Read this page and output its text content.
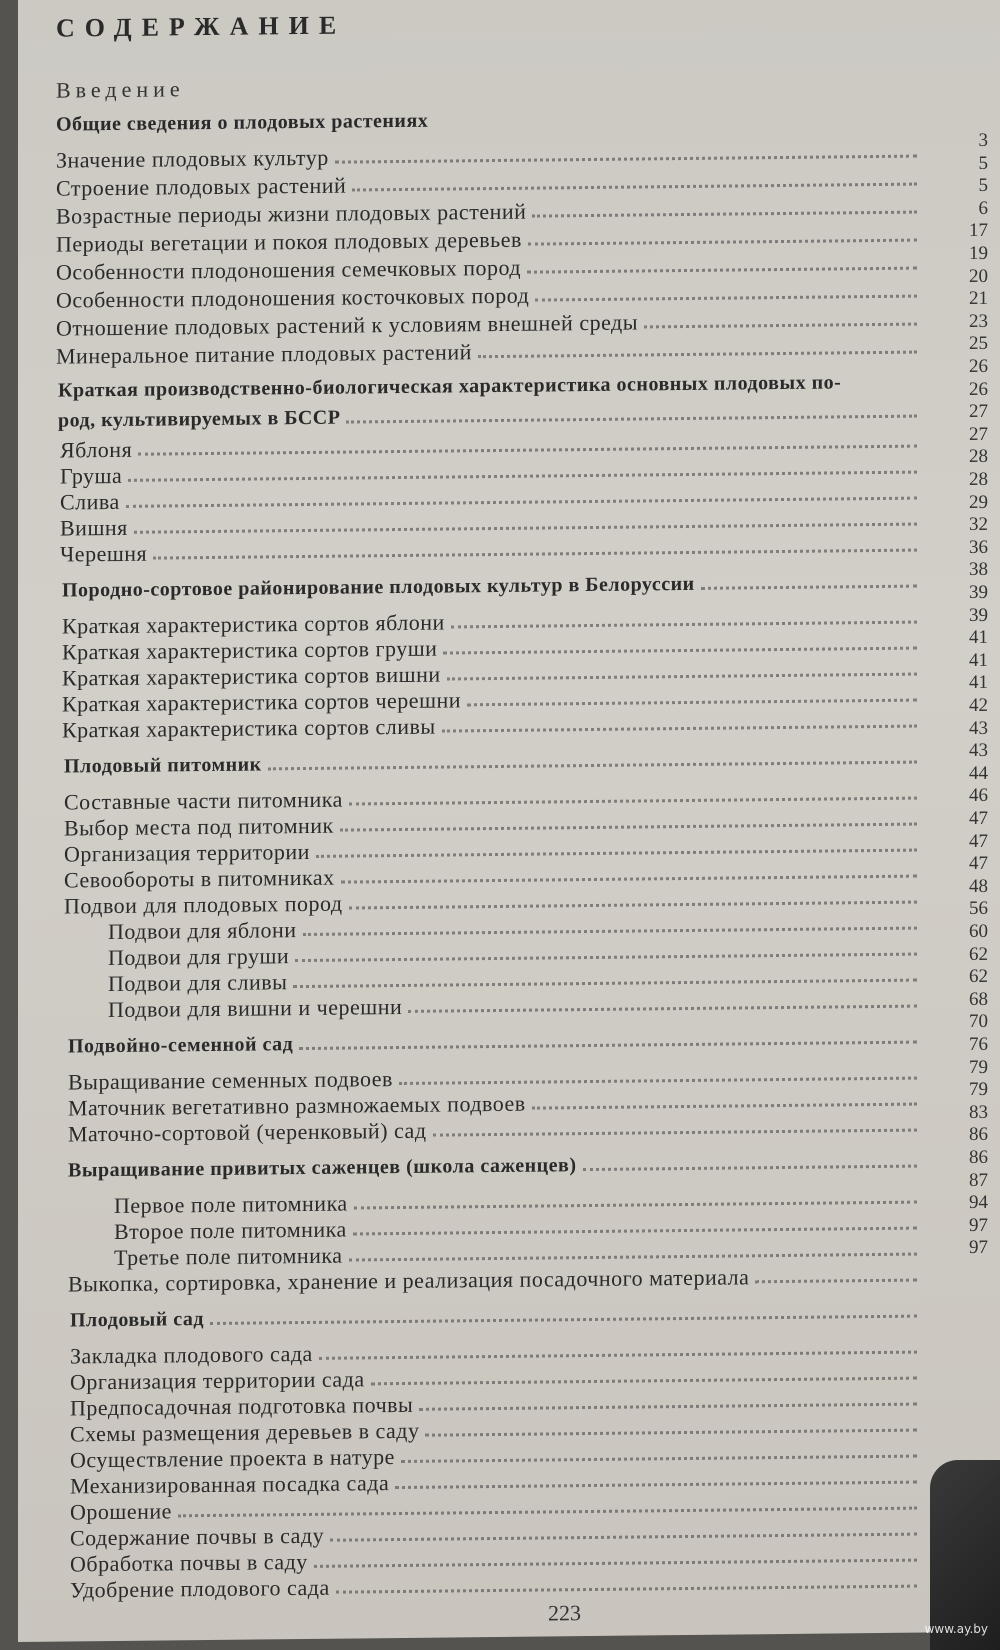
СОДЕРЖАНИЕ
Введение
Общие сведения о плодовых растениях
Значение плодовых культур
Строение плодовых растений
Возрастные периоды жизни плодовых растений
Периоды вегетации и покоя плодовых деревьев
Особенности плодоношения семечковых пород
Особенности плодоношения косточковых пород
Отношение плодовых растений к условиям внешней среды
Минеральное питание плодовых растений
Краткая производственно-биологическая характеристика основных плодовых по-
род, культивируемых в БССР
Яблоня
Груша
Слива
Вишня
Черешня
Породно-сортовое районирование плодовых культур в Белоруссии
Краткая характеристика сортов яблони
Краткая характеристика сортов груши
Краткая характеристика сортов вишни
Краткая характеристика сортов черешни
Краткая характеристика сортов сливы
Плодовый питомник
Составные части питомника
Выбор места под питомник
Организация территории
Севообороты в питомниках
Подвои для плодовых пород
Подвои для яблони
Подвои для груши
Подвои для сливы
Подвои для вишни и черешни
Подвойно-семенной сад
Выращивание семенных подвоев
Маточник вегетативно размножаемых подвоев
Маточно-сортовой (черенковый) сад
Выращивание привитых саженцев (школа саженцев)
Первое поле питомника
Второе поле питомника
Третье поле питомника
Выкопка, сортировка, хранение и реализация посадочного материала
Плодовый сад
Закладка плодового сада
Организация территории сада
Предпосадочная подготовка почвы
Схемы размещения деревьев в саду
Осуществление проекта в натуре
Механизированная посадка сада
Орошение
Содержание почвы в саду
Обработка почвы в саду
Удобрение плодового сада
3
5
5
6
17
19
20
21
23
25
26
26
27
27
28
28
29
32
36
38
39
39
41
41
41
42
43
43
44
46
47
47
47
48
56
60
62
62
68
70
76
79
79
83
86
86
87
94
97
97
223
www.ay.by
